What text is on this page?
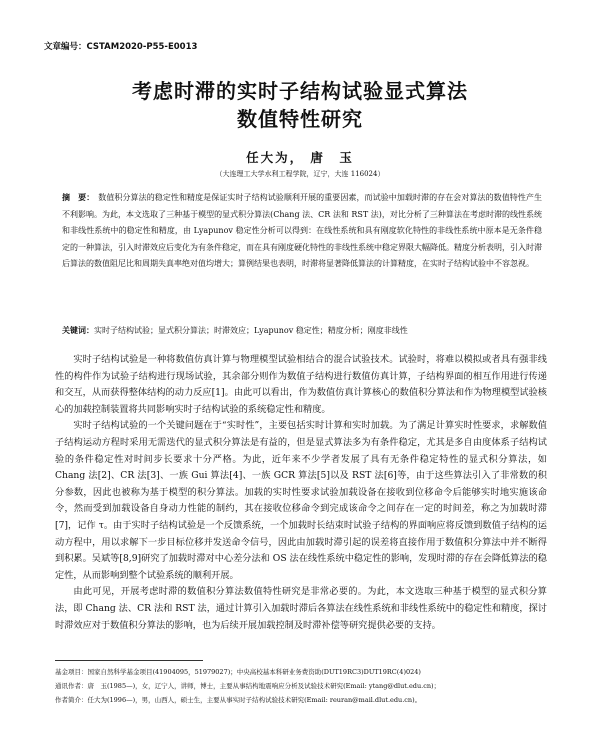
文章编号：CSTAM2020-P55-E0013
考虑时滞的实时子结构试验显式算法
数值特性研究
任大为， 唐　玉
（大连理工大学水利工程学院，辽宁，大连 116024）
摘　要： 数值积分算法的稳定性和精度是保证实时子结构试验顺利开展的重要因素，而试验中加载时滞的存在会对算法的数值特性产生不利影响。为此，本文选取了三种基于模型的显式积分算法(Chang 法、CR 法和 RST 法)，对比分析了三种算法在考虑时滞的线性系统和非线性系统中的稳定性和精度，由 Lyapunov 稳定性分析可以得到：在线性系统和具有刚度软化特性的非线性系统中原本是无条件稳定的一种算法，引入时滞效应后变化为有条件稳定，而在具有刚度硬化特性的非线性系统中稳定界限大幅降低。精度分析表明，引入时滞后算法的数值阻尼比和周期失真率绝对值均增大；算例结果也表明，时滞将显著降低算法的计算精度，在实时子结构试验中不容忽视。
关键词：实时子结构试验；显式积分算法；时滞效应；Lyapunov 稳定性；精度分析；刚度非线性

实时子结构试验是一种将数值仿真计算与物理模型试验相结合的混合试验技术。试验时，将难以模拟或者具有强非线性的构件作为试验子结构进行现场试验，其余部分则作为数值子结构进行数值仿真计算，子结构界面的相互作用进行传递和交互，从而获得整体结构的动力反应[1]。由此可以看出，作为数值仿真计算核心的数值积分算法和作为物理模型试验核心的加载控制装置将共同影响实时子结构试验的系统稳定性和精度。

实时子结构试验的一个关键问题在于“实时性”，主要包括实时计算和实时加载。为了满足计算实时性要求，求解数值子结构运动方程时采用无需迭代的显式积分算法是有益的，但是显式算法多为有条件稳定，尤其是多自由度体系子结构试验的条件稳定性对时间步长要求十分严格。为此，近年来不少学者发展了具有无条件稳定特性的显式积分算法，如 Chang 法[2]、CR 法[3]、一族 Gui 算法[4]、一族 GCR 算法[5]以及 RST 法[6]等，由于这些算法引入了非常数的积分参数，因此也被称为基于模型的积分算法。加载的实时性要求试验加载设备在接收到位移命令后能够实时地实施该命令，然而受到加载设备自身动力性能的制约，其在接收位移命令到完成该命令之间存在一定的时间差，称之为加载时滞[7]，记作 τ。由于实时子结构试验是一个反馈系统，一个加载时长结束时试验子结构的界面响应将反馈到数值子结构的运动方程中，用以求解下一步目标位移并发送命令信号，因此由加载时滞引起的误差将直接作用于数值积分算法中并不断得到积累。吴斌等[8,9]研究了加载时滞对中心差分法和 OS 法在线性系统中稳定性的影响，发现时滞的存在会降低算法的稳定性，从而影响到整个试验系统的顺利开展。

由此可见，开展考虑时滞的数值积分算法数值特性研究是非常必要的。为此，本文选取三种基于模型的显式积分算法，即 Chang 法、CR 法和 RST 法，通过计算引入加载时滞后各算法在线性系统和非线性系统中的稳定性和精度，探讨时滞效应对于数值积分算法的影响，也为后续开展加载控制及时滞补偿等研究提供必要的支持。

基金项目：国家自然科学基金项目(41904095，51979027)；中央高校基本科研业务费资助(DUT19RC3)DUT19RC(4)024)
通讯作者：唐　玉(1985—)，女，辽宁人，讲师，博士，主要从事结构地震响应分析及试验技术研究(Email: ytang@dlut.edu.cn)；
作者简介：任大为(1996—)，男，山西人，硕士生，主要从事实时子结构试验技术研究(Email: reuran@mail.dlut.edu.cn)。
